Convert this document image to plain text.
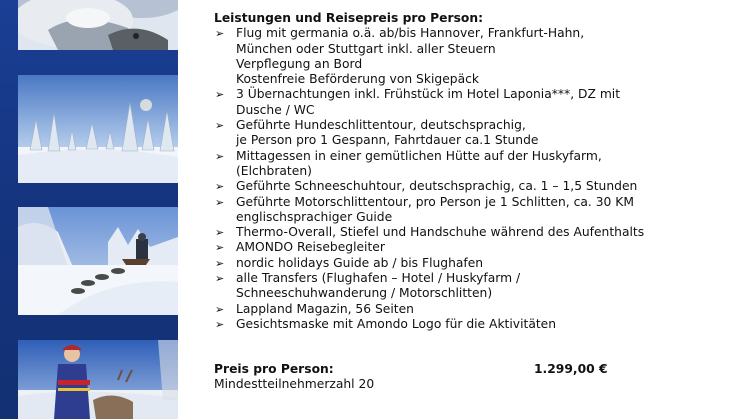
Leistungen und Reisepreis pro Person:
➢ Flug mit germania o.ä. ab/bis Hannover, Frankfurt-Hahn,
München oder Stuttgart inkl. aller Steuern
Verpflegung an Bord
Kostenfreie Beförderung von Skigepäck
➢ 3 Übernachtungen inkl. Frühstück im Hotel Laponia***, DZ mit
Dusche / WC
➢ Geführte Hundeschlittentour, deutschsprachig,
je Person pro 1 Gespann, Fahrtdauer ca.1 Stunde
➢ Mittagessen in einer gemütlichen Hütte auf der Huskyfarm,
(Elchbraten)
➢ Geführte Schneeschuhtour, deutschsprachig, ca. 1 – 1,5 Stunden
➢ Geführte Motorschlittentour, pro Person je 1 Schlitten, ca. 30 KM
englischsprachiger Guide
➢ Thermo-Overall, Stiefel und Handschuhe während des Aufenthalts
➢ AMONDO Reisebegleiter
➢ nordic holidays Guide ab / bis Flughafen
➢ alle Transfers (Flughafen – Hotel / Huskyfarm /
Schneeschuhwanderung / Motorschlitten)
➢ Lappland Magazin, 56 Seiten
➢ Gesichtsmaske mit Amondo Logo für die Aktivitäten
Preis pro Person:	1.299,00 €
Mindestteilnehmerzahl 20
